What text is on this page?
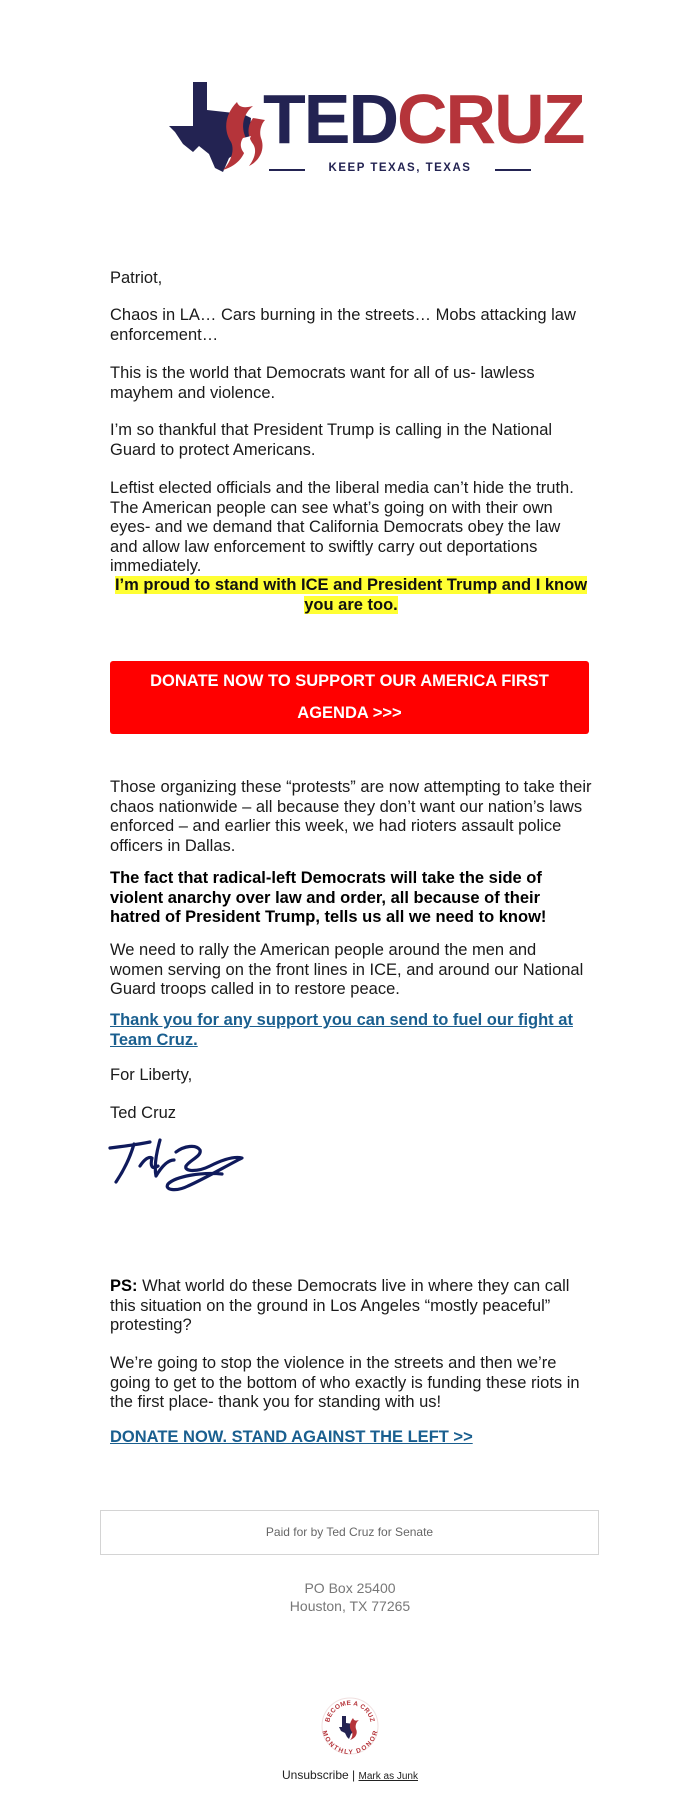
TEDCRUZ
KEEP TEXAS, TEXAS
Patriot,
Chaos in LA… Cars burning in the streets… Mobs attacking law enforcement…
This is the world that Democrats want for all of us- lawless mayhem and violence.
I’m so thankful that President Trump is calling in the National Guard to protect Americans.
Leftist elected officials and the liberal media can’t hide the truth. The American people can see what’s going on with their own eyes- and we demand that California Democrats obey the law and allow law enforcement to swiftly carry out deportations immediately.
I’m proud to stand with ICE and President Trump and I know
you are too.
DONATE NOW TO SUPPORT OUR AMERICA FIRST
AGENDA >>>
Those organizing these “protests” are now attempting to take their chaos nationwide – all because they don’t want our nation’s laws enforced – and earlier this week, we had rioters assault police officers in Dallas.
The fact that radical-left Democrats will take the side of violent anarchy over law and order, all because of their hatred of President Trump, tells us all we need to know!
We need to rally the American people around the men and women serving on the front lines in ICE, and around our National Guard troops called in to restore peace.
Thank you for any support you can send to fuel our fight at Team Cruz.
For Liberty,
Ted Cruz
PS: What world do these Democrats live in where they can call this situation on the ground in Los Angeles “mostly peaceful” protesting?
We’re going to stop the violence in the streets and then we’re going to get to the bottom of who exactly is funding these riots in the first place- thank you for standing with us!
DONATE NOW. STAND AGAINST THE LEFT >>
Paid for by Ted Cruz for Senate
PO Box 25400
Houston, TX 77265
BECOME A CRUZ
MONTHLY DONOR
Unsubscribe | Mark as Junk
